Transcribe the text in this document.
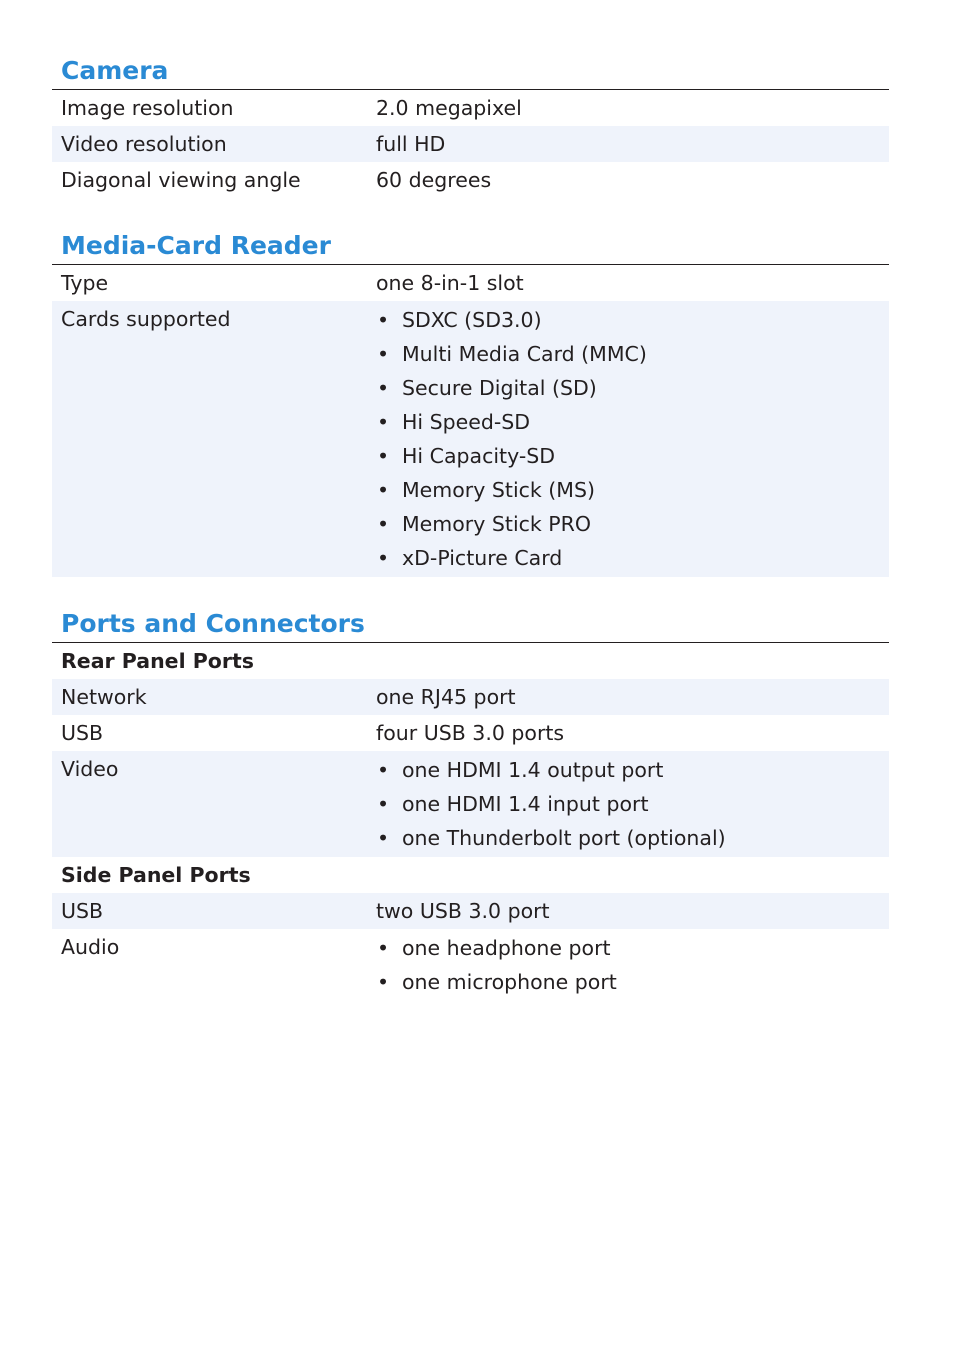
Camera
Image resolution	2.0 megapixel
Video resolution	full HD
Diagonal viewing angle	60 degrees
Media-Card Reader
Type	one 8-in-1 slot
Cards supported	• SDXC (SD3.0)
• Multi Media Card (MMC)
• Secure Digital (SD)
• Hi Speed-SD
• Hi Capacity-SD
• Memory Stick (MS)
• Memory Stick PRO
• xD-Picture Card
Ports and Connectors
Rear Panel Ports
Network	one RJ45 port
USB	four USB 3.0 ports
Video	• one HDMI 1.4 output port
• one HDMI 1.4 input port
• one Thunderbolt port (optional)
Side Panel Ports
USB	two USB 3.0 port
Audio	• one headphone port
• one microphone port
